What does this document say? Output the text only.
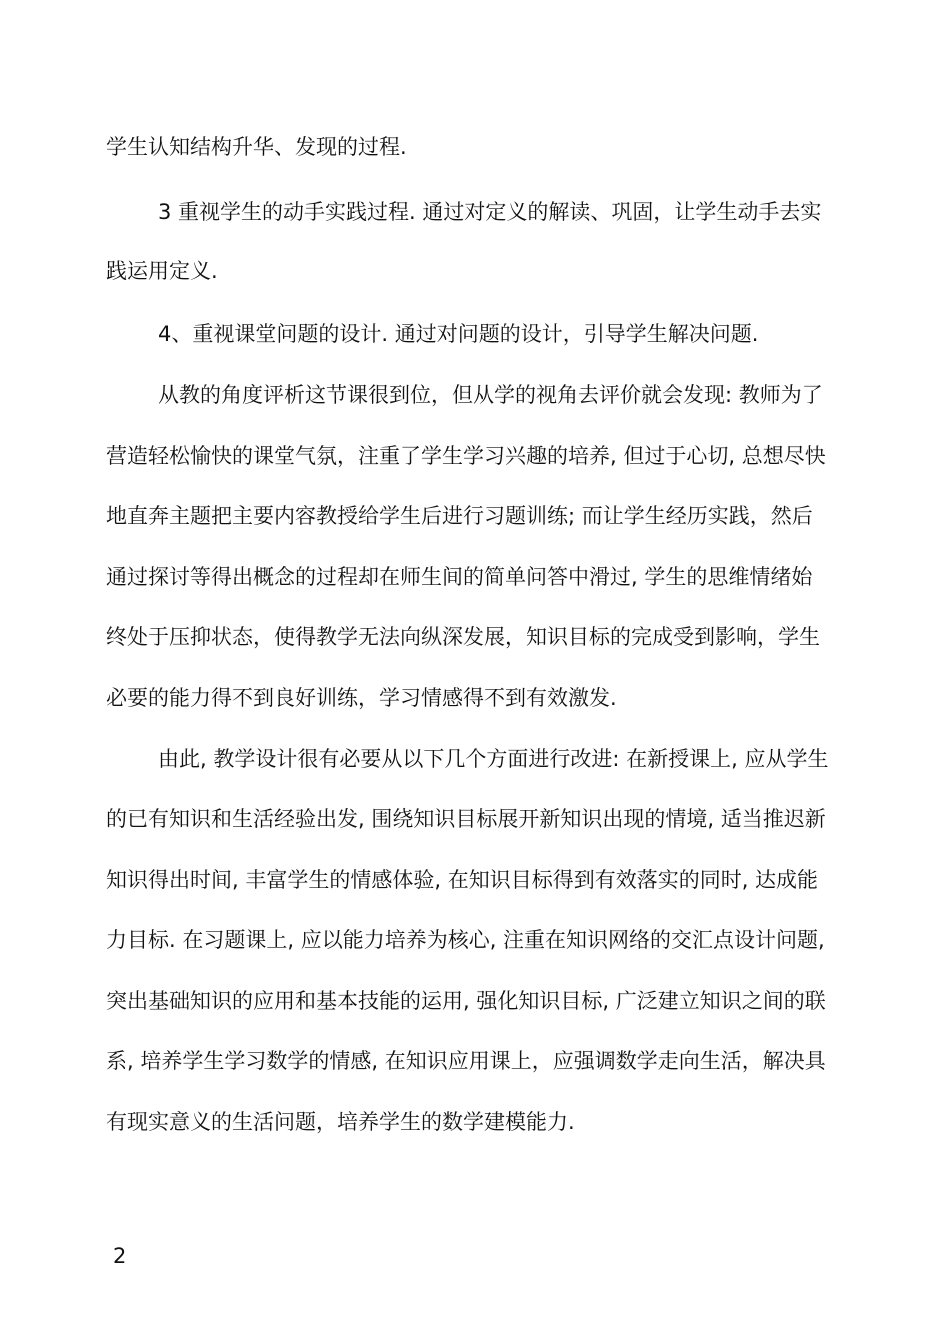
学生认知结构升华、发现的过程.
3 重视学生的动手实践过程. 通过对定义的解读、巩固，让学生动手去实
践运用定义.
4、重视课堂问题的设计. 通过对问题的设计，引导学生解决问题.
从教的角度评析这节课很到位，但从学的视角去评价就会发现: 教师为了
营造轻松愉快的课堂气氛，注重了学生学习兴趣的培养, 但过于心切, 总想尽快
地直奔主题把主要内容教授给学生后进行习题训练; 而让学生经历实践，然后
通过探讨等得出概念的过程却在师生间的简单问答中滑过, 学生的思维情绪始
终处于压抑状态，使得教学无法向纵深发展，知识目标的完成受到影响，学生
必要的能力得不到良好训练，学习情感得不到有效激发.
由此, 教学设计很有必要从以下几个方面进行改进: 在新授课上, 应从学生
的已有知识和生活经验出发, 围绕知识目标展开新知识出现的情境, 适当推迟新
知识得出时间, 丰富学生的情感体验, 在知识目标得到有效落实的同时, 达成能
力目标. 在习题课上, 应以能力培养为核心, 注重在知识网络的交汇点设计问题,
突出基础知识的应用和基本技能的运用, 强化知识目标, 广泛建立知识之间的联
系, 培养学生学习数学的情感, 在知识应用课上，应强调数学走向生活，解决具
有现实意义的生活问题，培养学生的数学建模能力.
2
